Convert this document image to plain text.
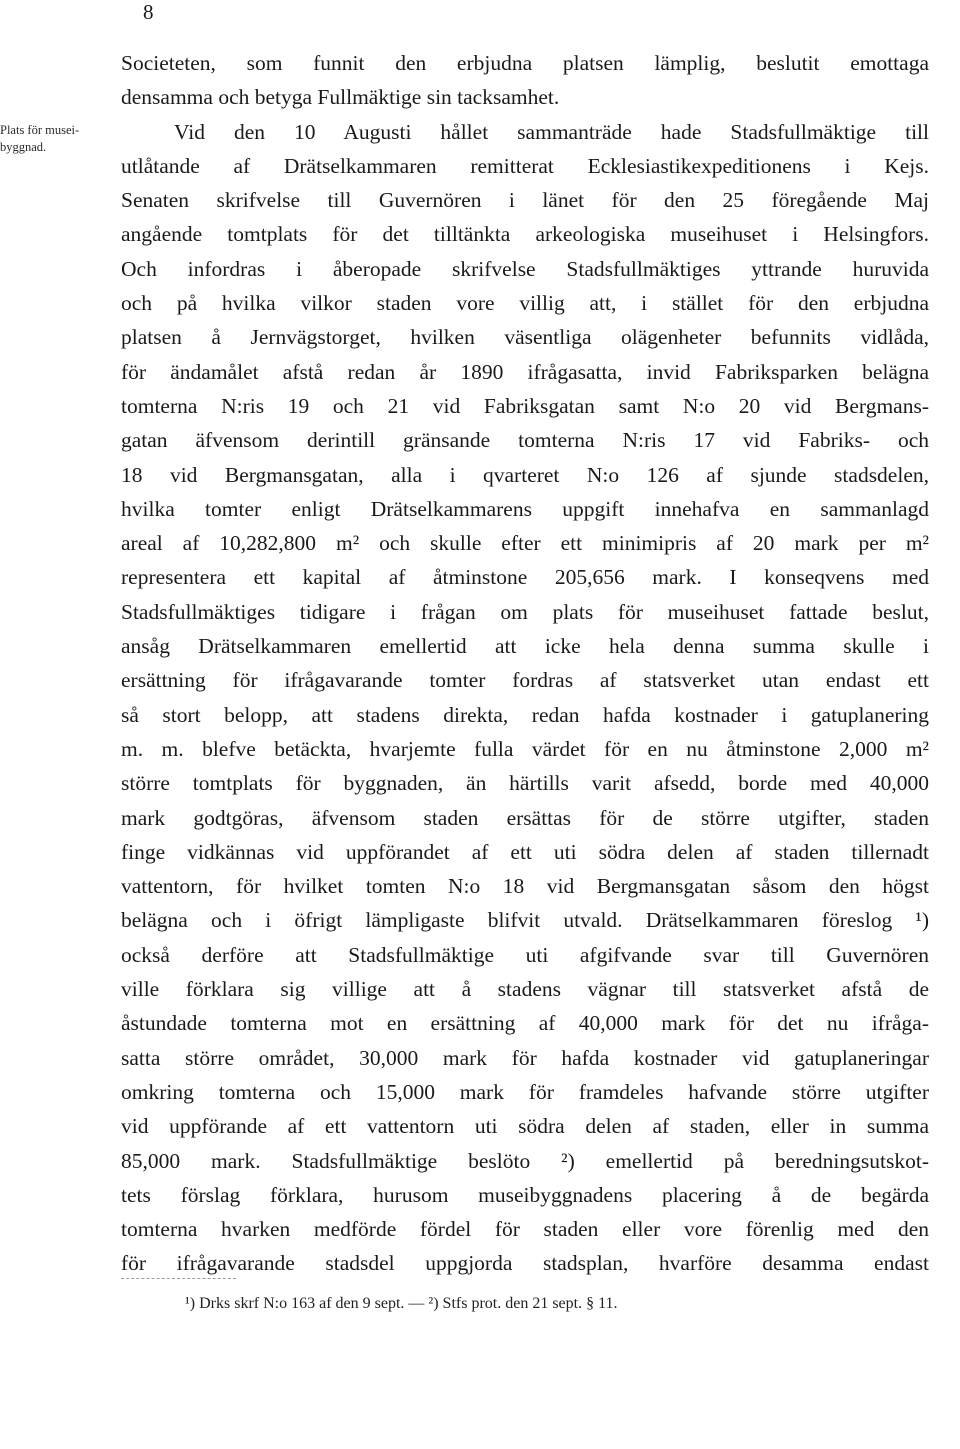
8
Plats för musei-
byggnad.
Societeten, som funnit den erbjudna platsen lämplig, beslutit emottaga
densamma och betyga Fullmäktige sin tacksamhet.
Vid den 10 Augusti hållet sammanträde hade Stadsfullmäktige till
utlåtande af Drätselkammaren remitterat Ecklesiastikexpeditionens i Kejs.
Senaten skrifvelse till Guvernören i länet för den 25 föregående Maj
angående tomtplats för det tilltänkta arkeologiska museihuset i Helsingfors.
Och infordras i åberopade skrifvelse Stadsfullmäktiges yttrande huruvida
och på hvilka vilkor staden vore villig att, i stället för den erbjudna
platsen å Jernvägstorget, hvilken väsentliga olägenheter befunnits vidlåda,
för ändamålet afstå redan år 1890 ifrågasatta, invid Fabriksparken belägna
tomterna N:ris 19 och 21 vid Fabriksgatan samt N:o 20 vid Bergmans-
gatan äfvensom derintill gränsande tomterna N:ris 17 vid Fabriks- och
18 vid Bergmansgatan, alla i qvarteret N:o 126 af sjunde stadsdelen,
hvilka tomter enligt Drätselkammarens uppgift innehafva en sammanlagd
areal af 10,282,800 m² och skulle efter ett minimipris af 20 mark per m²
representera ett kapital af åtminstone 205,656 mark. I konseqvens med
Stadsfullmäktiges tidigare i frågan om plats för museihuset fattade beslut,
ansåg Drätselkammaren emellertid att icke hela denna summa skulle i
ersättning för ifrågavarande tomter fordras af statsverket utan endast ett
så stort belopp, att stadens direkta, redan hafda kostnader i gatuplanering
m. m. blefve betäckta, hvarjemte fulla värdet för en nu åtminstone 2,000 m²
större tomtplats för byggnaden, än härtills varit afsedd, borde med 40,000
mark godtgöras, äfvensom staden ersättas för de större utgifter, staden
finge vidkännas vid uppförandet af ett uti södra delen af staden tillernadt
vattentorn, för hvilket tomten N:o 18 vid Bergmansgatan såsom den högst
belägna och i öfrigt lämpligaste blifvit utvald. Drätselkammaren föreslog ¹)
också derföre att Stadsfullmäktige uti afgifvande svar till Guvernören
ville förklara sig villige att å stadens vägnar till statsverket afstå de
åstundade tomterna mot en ersättning af 40,000 mark för det nu ifråga-
satta större området, 30,000 mark för hafda kostnader vid gatuplaneringar
omkring tomterna och 15,000 mark för framdeles hafvande större utgifter
vid uppförande af ett vattentorn uti södra delen af staden, eller in summa
85,000 mark. Stadsfullmäktige beslöto ²) emellertid på beredningsutskot-
tets förslag förklara, hurusom museibyggnadens placering å de begärda
tomterna hvarken medförde fördel för staden eller vore förenlig med den
för ifrågavarande stadsdel uppgjorda stadsplan, hvarföre desamma endast
¹) Drks skrf N:o 163 af den 9 sept. — ²) Stfs prot. den 21 sept. § 11.
